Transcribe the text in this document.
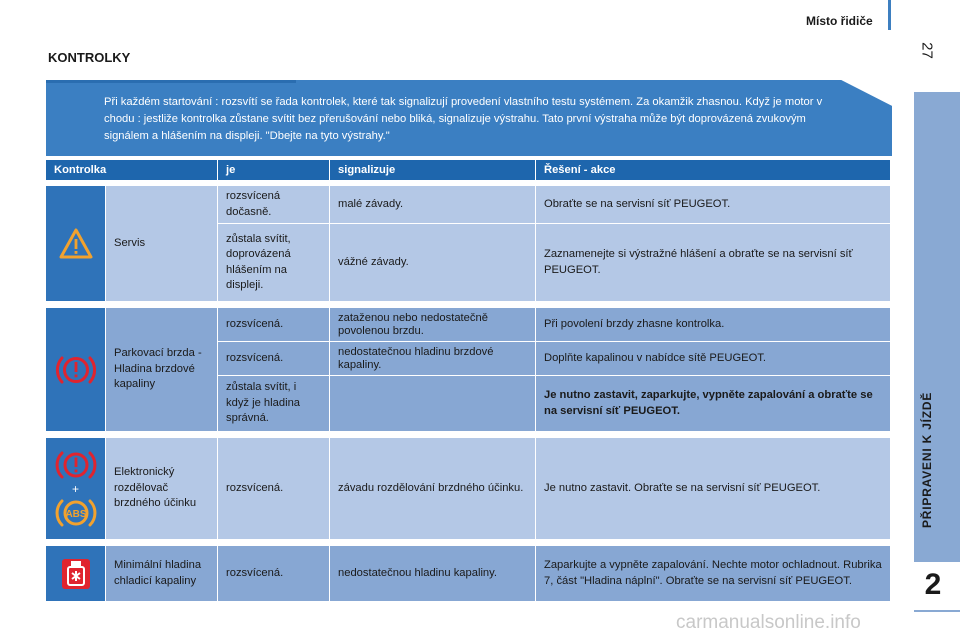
Místo řidiče
27
PŘIPRAVENI K JÍZDĚ
2
KONTROLKY
Při každém startování : rozsvítí se řada kontrolek, které tak signalizují provedení vlastního testu systémem. Za okamžik zhasnou. Když je motor v chodu : jestliže kontrolka zůstane svítit bez přerušování nebo bliká, signalizuje výstrahu. Tato první výstraha může být doprovázená zvukovým signálem a hlášením na displeji. "Dbejte na tyto výstrahy."
Kontrolka		je	signalizuje	Řešení - akce

	Servis	rozsvícená dočasně.	malé závady.	Obraťte se na servisní síť PEUGEOT.
		zůstala svítit, doprovázená hlášením na displeji.	vážné závady.	Zaznamenejte si výstražné hlášení a obraťte se na servisní síť PEUGEOT.

	Parkovací brzda - Hladina brzdové kapaliny	rozsvícená.	zataženou nebo nedostatečně povolenou brzdu.	Při povolení brzdy zhasne kontrolka.
		rozsvícená.	nedostatečnou hladinu brzdové kapaliny.	Doplňte kapalinou v nabídce sítě PEUGEOT.
		zůstala svítit, i když je hladina správná.		Je nutno zastavit, zaparkujte, vypněte zapalování a obraťte se na servisní síť PEUGEOT.

+
ABS	Elektronický rozdělovač brzdného účinku	rozsvícená.	závadu rozdělování brzdného účinku.	Je nutno zastavit. Obraťte se na servisní síť PEUGEOT.

	Minimální hladina chladicí kapaliny	rozsvícená.	nedostatečnou hladinu kapaliny.	Zaparkujte a vypněte zapalování. Nechte motor ochladnout. Rubrika 7, část "Hladina náplní". Obraťte se na servisní síť PEUGEOT.
carmanualsonline.info
